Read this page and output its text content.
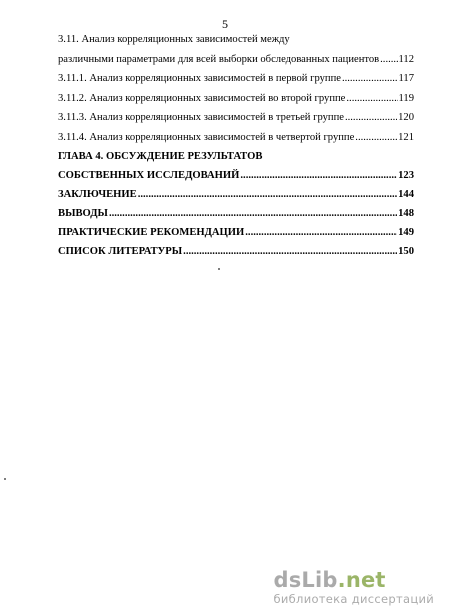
5
3.11. Анализ корреляционных зависимостей между
различными параметрами для всей выборки обследованных пациентов ..... 112
3.11.1. Анализ корреляционных зависимостей в первой группе .....	117
3.11.2. Анализ корреляционных зависимостей во второй группе .....	119
3.11.3. Анализ корреляционных зависимостей в третьей группе .....	120
3.11.4. Анализ корреляционных зависимостей в четвертой группе .....	121
ГЛАВА 4. ОБСУЖДЕНИЕ РЕЗУЛЬТАТОВ
СОБСТВЕННЫХ ИССЛЕДОВАНИЙ .....	123
ЗАКЛЮЧЕНИЕ .....	144
ВЫВОДЫ .....	148
ПРАКТИЧЕСКИЕ РЕКОМЕНДАЦИИ .....	149
СПИСОК ЛИТЕРАТУРЫ .....	150
dsLib.net
библиотека диссертаций
